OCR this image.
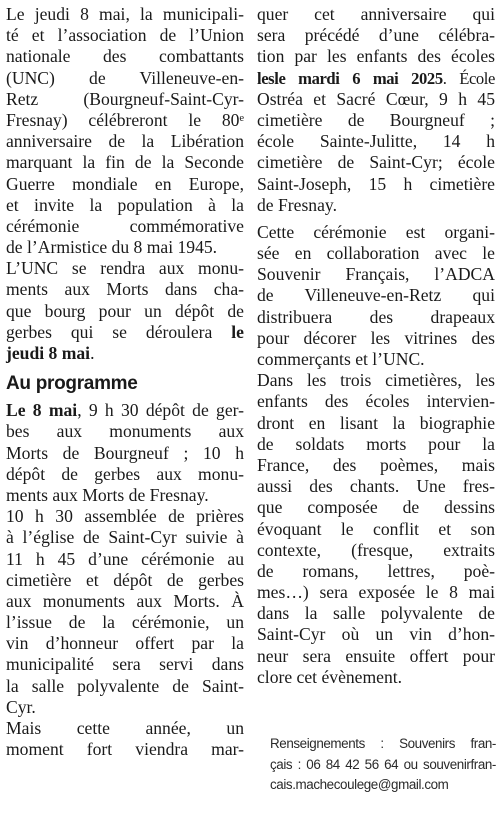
Le jeudi 8 mai, la municipali-
té et l’association de l’Union
nationale des combattants
(UNC) de Villeneuve-en-
Retz (Bourgneuf-Saint-Cyr-
Fresnay) célébreront le 80ᵉ
anniversaire de la Libération
marquant la fin de la Seconde
Guerre mondiale en Europe,
et invite la population à la
cérémonie commémorative
de l’Armistice du 8 mai 1945.
L’UNC se rendra aux monu-
ments aux Morts dans cha-
que bourg pour un dépôt de
gerbes qui se déroulera le
jeudi 8 mai.
Au programme
Le 8 mai, 9 h 30 dépôt de ger-
bes aux monuments aux
Morts de Bourgneuf ; 10 h
dépôt de gerbes aux monu-
ments aux Morts de Fresnay.
10 h 30 assemblée de prières
à l’église de Saint-Cyr suivie à
11 h 45 d’une cérémonie au
cimetière et dépôt de gerbes
aux monuments aux Morts. À
l’issue de la cérémonie, un
vin d’honneur offert par la
municipalité sera servi dans
la salle polyvalente de Saint-
Cyr.
Mais cette année, un
moment fort viendra mar-
quer cet anniversaire qui
sera précédé d’une célébra-
tion par les enfants des écoles
lesle mardi 6 mai 2025. École
Ostréa et Sacré Cœur, 9 h 45
cimetière de Bourgneuf ;
école Sainte-Julitte, 14 h
cimetière de Saint-Cyr; école
Saint-Joseph, 15 h cimetière
de Fresnay.
Cette cérémonie est organi-
sée en collaboration avec le
Souvenir Français, l’ADCA
de Villeneuve-en-Retz qui
distribuera des drapeaux
pour décorer les vitrines des
commerçants et l’UNC.
Dans les trois cimetières, les
enfants des écoles intervien-
dront en lisant la biographie
de soldats morts pour la
France, des poèmes, mais
aussi des chants. Une fres-
que composée de dessins
évoquant le conflit et son
contexte, (fresque, extraits
de romans, lettres, poè-
mes…) sera exposée le 8 mai
dans la salle polyvalente de
Saint-Cyr où un vin d’hon-
neur sera ensuite offert pour
clore cet évènement.
Renseignements : Souvenirs fran-
çais : 06 84 42 56 64 ou souvenirfran-
cais.machecoulege@gmail.com
